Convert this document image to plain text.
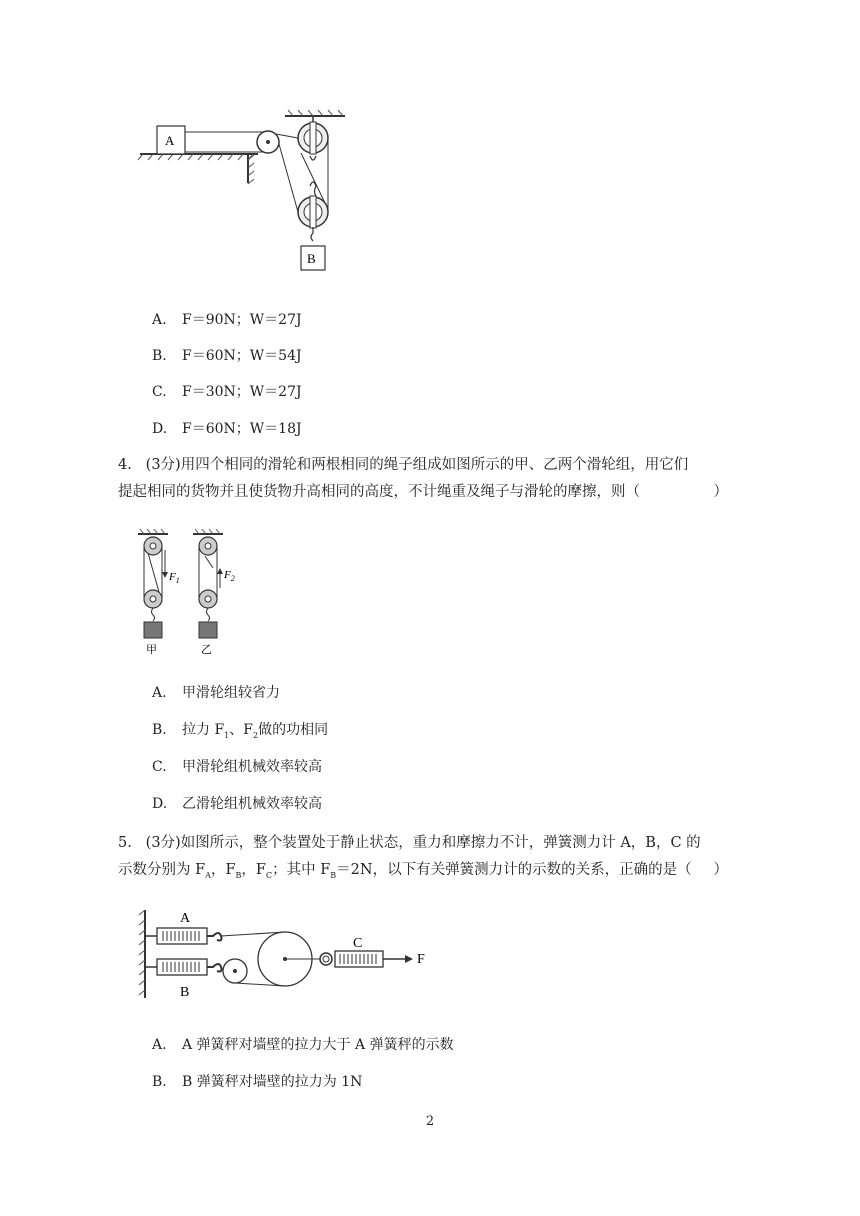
A
B
A. F＝90N；W＝27J
B. F＝60N；W＝54J
C. F＝30N；W＝27J
D. F＝60N；W＝18J
4. (3分)用四个相同的滑轮和两根相同的绳子组成如图所示的甲、乙两个滑轮组，用它们
提起相同的货物并且使货物升高相同的高度，不计绳重及绳子与滑轮的摩擦，则（	）
$F_1$
甲
$F_2$
乙
A. 甲滑轮组较省力
B. 拉力 $F_1$、$F_2$做的功相同
C. 甲滑轮组机械效率较高
D. 乙滑轮组机械效率较高
5. (3分)如图所示，整个装置处于静止状态，重力和摩擦力不计，弹簧测力计 A，B，C 的
示数分别为 $F_A$，$F_B$，$F_C$；其中 $F_B=2N$，以下有关弹簧测力计的示数的关系，正确的是（ ）
A
B
C
F
A. A 弹簧秤对墙壁的拉力大于 A 弹簧秤的示数
B. B 弹簧秤对墙壁的拉力为 1N
2
